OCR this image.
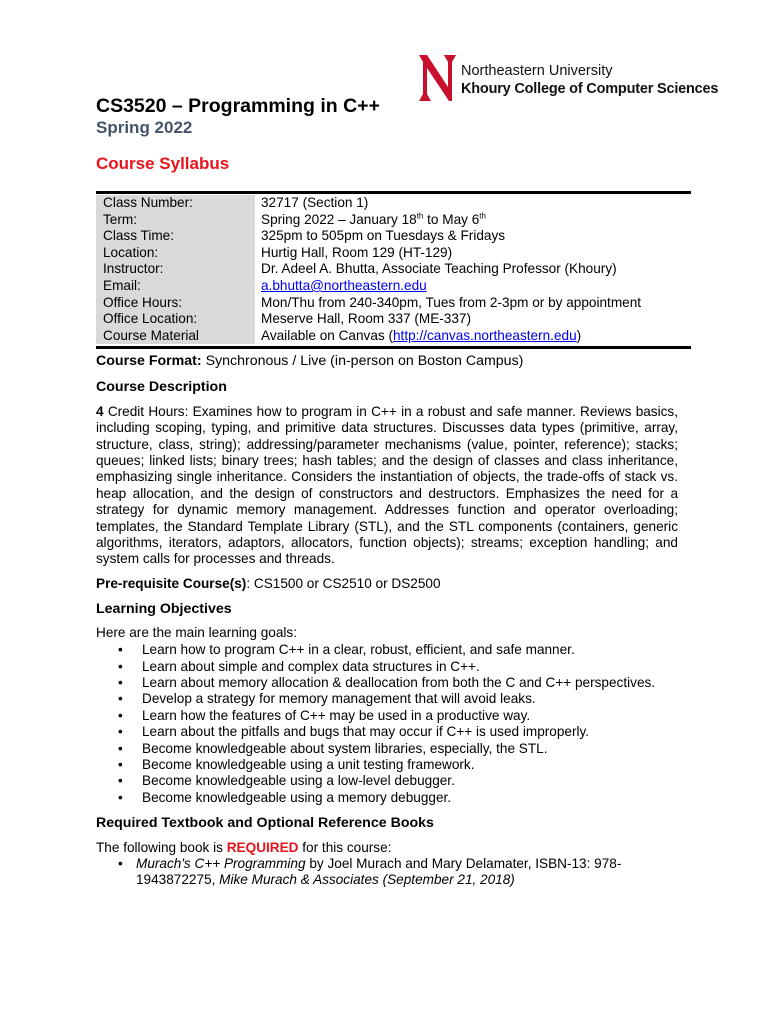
Northeastern University
Khoury College of Computer Sciences
CS3520 – Programming in C++
Spring 2022
Course Syllabus
Class Number:	32717 (Section 1)
Term:	Spring 2022 – January 18th to May 6th
Class Time:	325pm to 505pm on Tuesdays & Fridays
Location:	Hurtig Hall, Room 129 (HT-129)
Instructor:	Dr. Adeel A. Bhutta, Associate Teaching Professor (Khoury)
Email:	a.bhutta@northeastern.edu
Office Hours:	Mon/Thu from 240-340pm, Tues from 2-3pm or by appointment
Office Location:	Meserve Hall, Room 337 (ME-337)
Course Material	Available on Canvas (http://canvas.northeastern.edu)

Course Format: Synchronous / Live (in-person on Boston Campus)

Course Description

4 Credit Hours: Examines how to program in C++ in a robust and safe manner. Reviews basics, including scoping, typing, and primitive data structures. Discusses data types (primitive, array, structure, class, string); addressing/parameter mechanisms (value, pointer, reference); stacks; queues; linked lists; binary trees; hash tables; and the design of classes and class inheritance, emphasizing single inheritance. Considers the instantiation of objects, the trade-offs of stack vs. heap allocation, and the design of constructors and destructors. Emphasizes the need for a strategy for dynamic memory management. Addresses function and operator overloading; templates, the Standard Template Library (STL), and the STL components (containers, generic algorithms, iterators, adaptors, allocators, function objects); streams; exception handling; and system calls for processes and threads.

Pre-requisite Course(s): CS1500 or CS2510 or DS2500

Learning Objectives

Here are the main learning goals:

• Learn how to program C++ in a clear, robust, efficient, and safe manner.
• Learn about simple and complex data structures in C++.
• Learn about memory allocation & deallocation from both the C and C++ perspectives.
• Develop a strategy for memory management that will avoid leaks.
• Learn how the features of C++ may be used in a productive way.
• Learn about the pitfalls and bugs that may occur if C++ is used improperly.
• Become knowledgeable about system libraries, especially, the STL.
• Become knowledgeable using a unit testing framework.
• Become knowledgeable using a low-level debugger.
• Become knowledgeable using a memory debugger.

Required Textbook and Optional Reference Books

The following book is REQUIRED for this course:

• Murach's C++ Programming by Joel Murach and Mary Delamater, ISBN-13: 978-1943872275, Mike Murach & Associates (September 21, 2018)
